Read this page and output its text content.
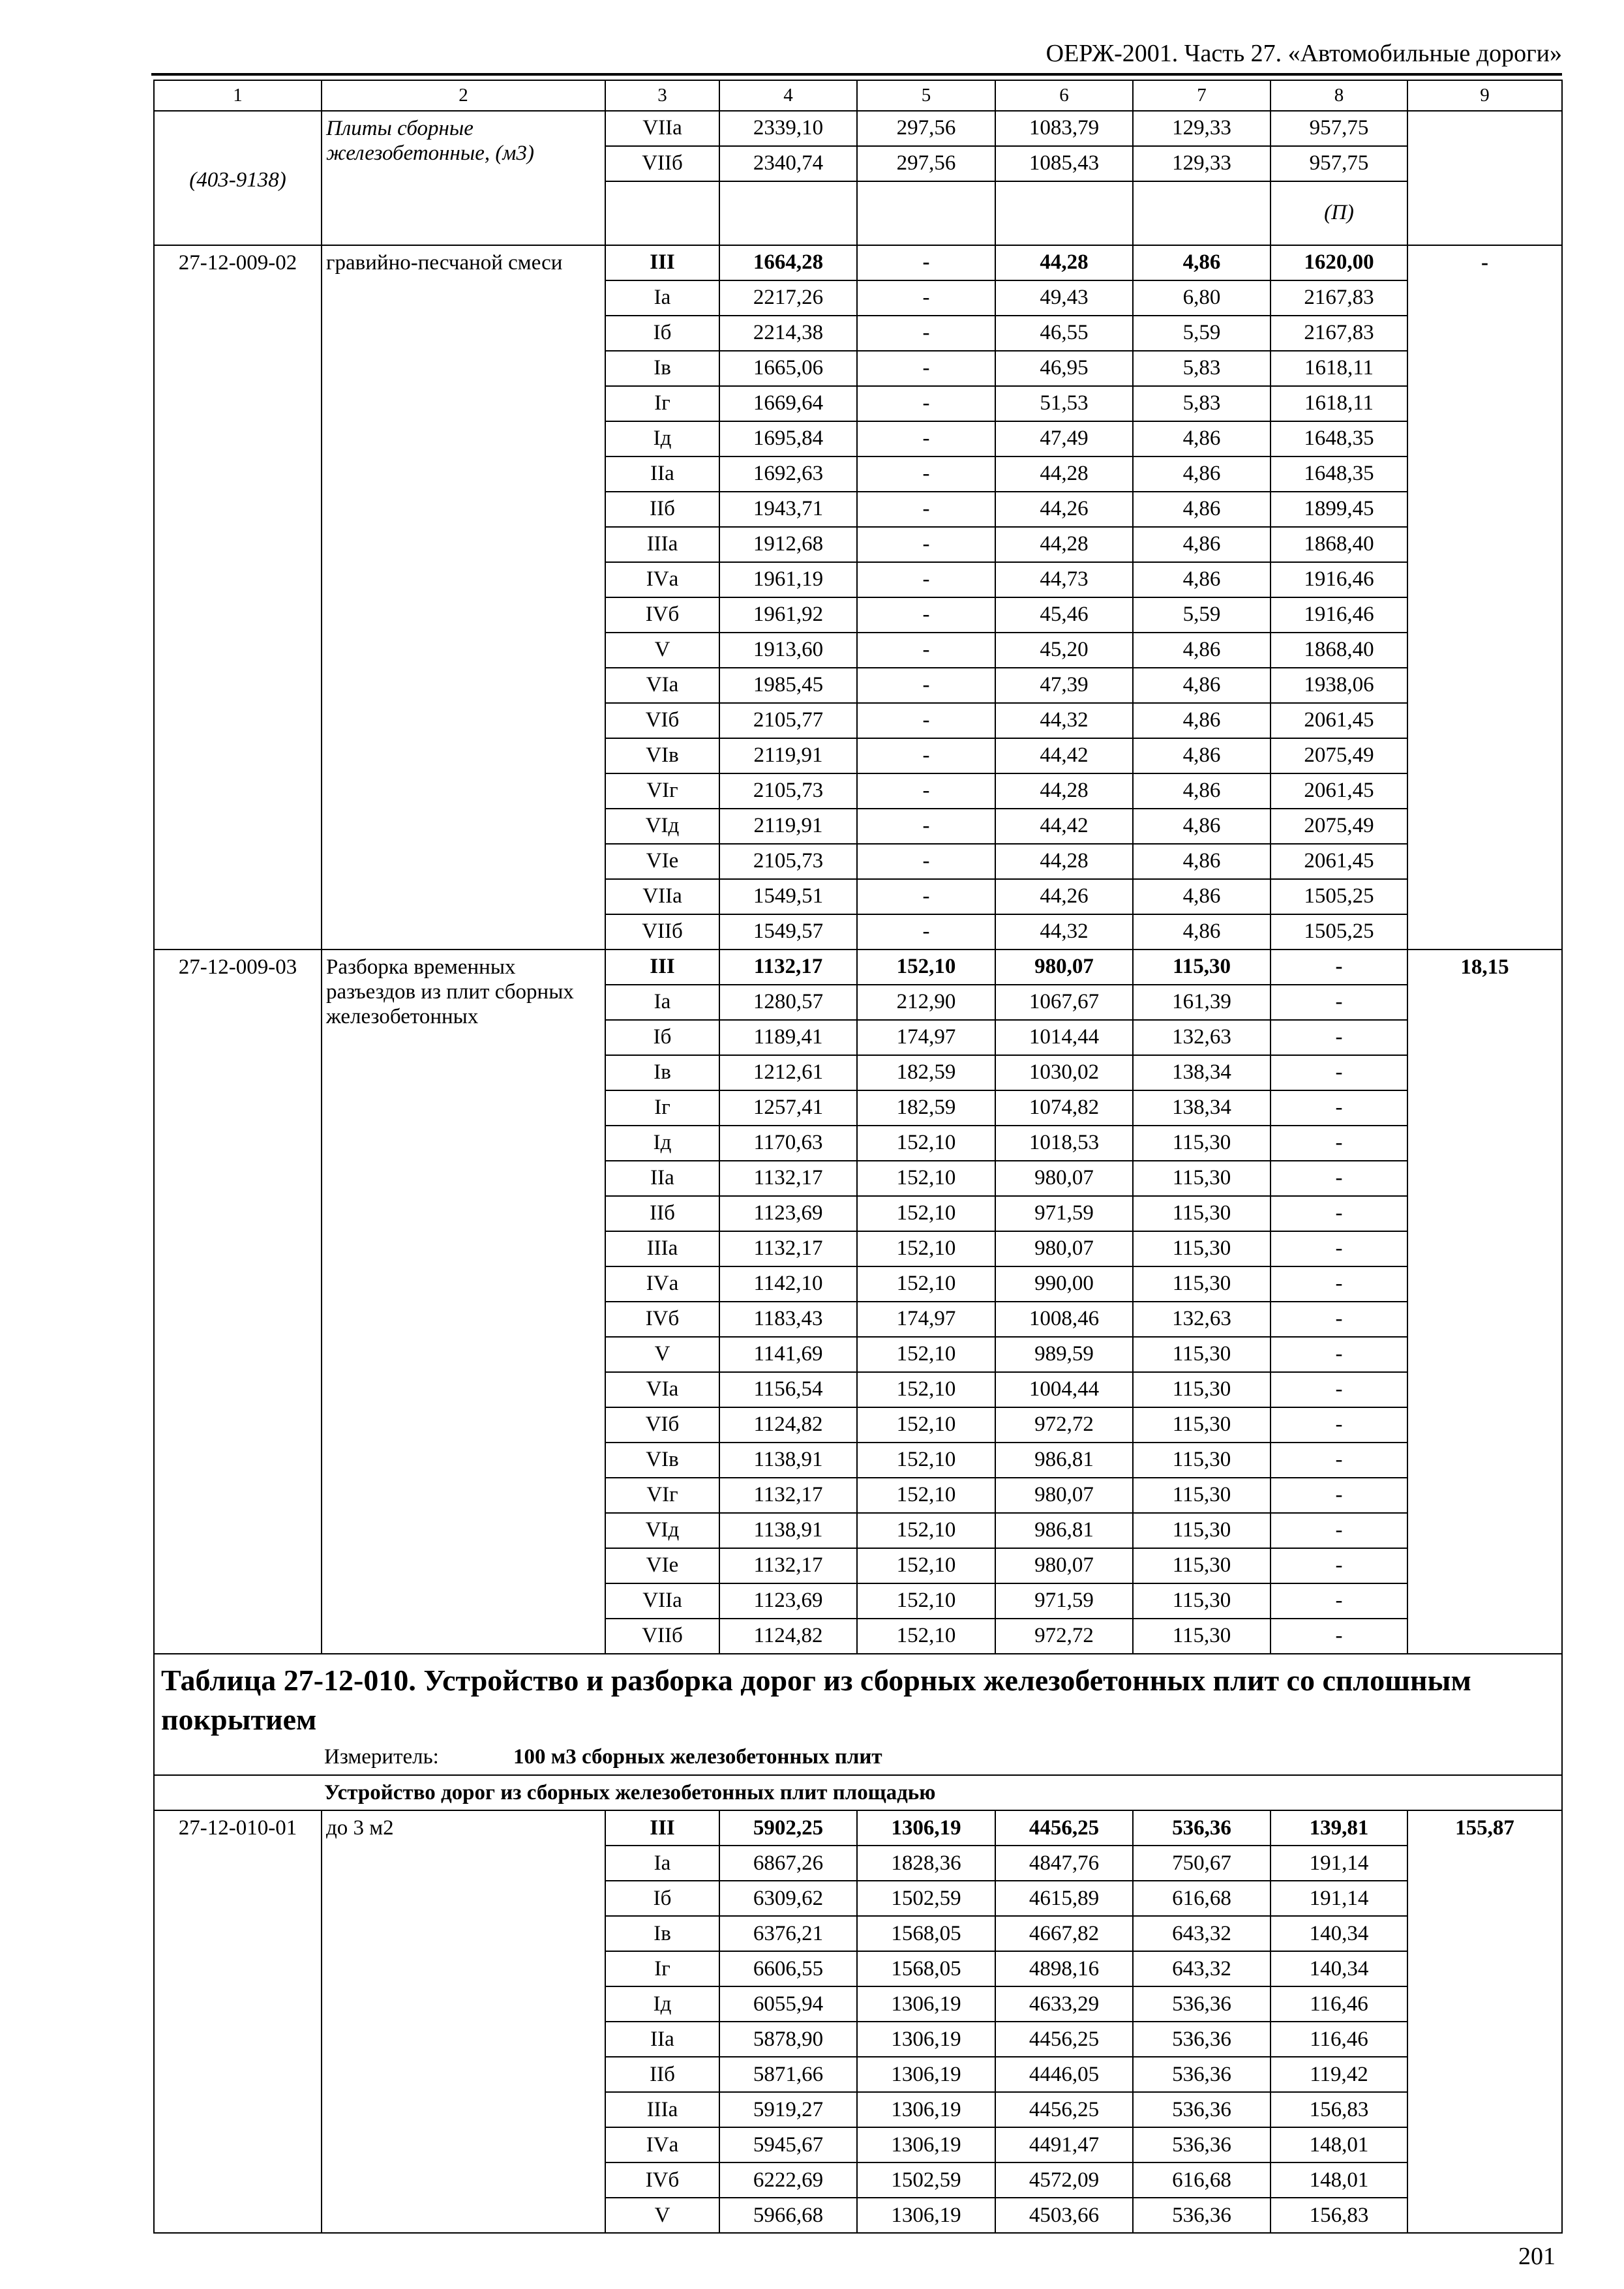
ОЕРЖ-2001. Часть 27. «Автомобильные дороги»
1	2	3	4	5	6	7	8	9
(403-9138)	Плиты сборные железобетонные, (м3)	VIIа	2339,10	297,56	1083,79	129,33	957,75	
		VIIб	2340,74	297,56	1085,43	129,33	957,75	
							(П)	
27-12-009-02	гравийно-песчаной смеси	III	1664,28	-	44,28	4,86	1620,00	-
		Iа	2217,26	-	49,43	6,80	2167,83	
		Iб	2214,38	-	46,55	5,59	2167,83	
		Iв	1665,06	-	46,95	5,83	1618,11	
		Iг	1669,64	-	51,53	5,83	1618,11	
		Iд	1695,84	-	47,49	4,86	1648,35	
		IIа	1692,63	-	44,28	4,86	1648,35	
		IIб	1943,71	-	44,26	4,86	1899,45	
		IIIа	1912,68	-	44,28	4,86	1868,40	
		IVа	1961,19	-	44,73	4,86	1916,46	
		IVб	1961,92	-	45,46	5,59	1916,46	
		V	1913,60	-	45,20	4,86	1868,40	
		VIа	1985,45	-	47,39	4,86	1938,06	
		VIб	2105,77	-	44,32	4,86	2061,45	
		VIв	2119,91	-	44,42	4,86	2075,49	
		VIг	2105,73	-	44,28	4,86	2061,45	
		VIд	2119,91	-	44,42	4,86	2075,49	
		VIе	2105,73	-	44,28	4,86	2061,45	
		VIIа	1549,51	-	44,26	4,86	1505,25	
		VIIб	1549,57	-	44,32	4,86	1505,25	
27-12-009-03	Разборка временных разъездов из плит сборных железобетонных	III	1132,17	152,10	980,07	115,30	-	18,15
		Iа	1280,57	212,90	1067,67	161,39	-	
		Iб	1189,41	174,97	1014,44	132,63	-	
		Iв	1212,61	182,59	1030,02	138,34	-	
		Iг	1257,41	182,59	1074,82	138,34	-	
		Iд	1170,63	152,10	1018,53	115,30	-	
		IIа	1132,17	152,10	980,07	115,30	-	
		IIб	1123,69	152,10	971,59	115,30	-	
		IIIа	1132,17	152,10	980,07	115,30	-	
		IVа	1142,10	152,10	990,00	115,30	-	
		IVб	1183,43	174,97	1008,46	132,63	-	
		V	1141,69	152,10	989,59	115,30	-	
		VIа	1156,54	152,10	1004,44	115,30	-	
		VIб	1124,82	152,10	972,72	115,30	-	
		VIв	1138,91	152,10	986,81	115,30	-	
		VIг	1132,17	152,10	980,07	115,30	-	
		VIд	1138,91	152,10	986,81	115,30	-	
		VIе	1132,17	152,10	980,07	115,30	-	
		VIIа	1123,69	152,10	971,59	115,30	-	
		VIIб	1124,82	152,10	972,72	115,30	-	

Таблица 27-12-010. Устройство и разборка дорог из сборных железобетонных плит со сплошным покрытием
Измеритель: 100 м3 сборных железобетонных плит								

Устройство дорог из сборных железобетонных плит площадью								
27-12-010-01	до 3 м2	III	5902,25	1306,19	4456,25	536,36	139,81	155,87
		Iа	6867,26	1828,36	4847,76	750,67	191,14	
		Iб	6309,62	1502,59	4615,89	616,68	191,14	
		Iв	6376,21	1568,05	4667,82	643,32	140,34	
		Iг	6606,55	1568,05	4898,16	643,32	140,34	
		Iд	6055,94	1306,19	4633,29	536,36	116,46	
		IIа	5878,90	1306,19	4456,25	536,36	116,46	
		IIб	5871,66	1306,19	4446,05	536,36	119,42	
		IIIа	5919,27	1306,19	4456,25	536,36	156,83	
		IVа	5945,67	1306,19	4491,47	536,36	148,01	
		IVб	6222,69	1502,59	4572,09	616,68	148,01	
		V	5966,68	1306,19	4503,66	536,36	156,83	
201
